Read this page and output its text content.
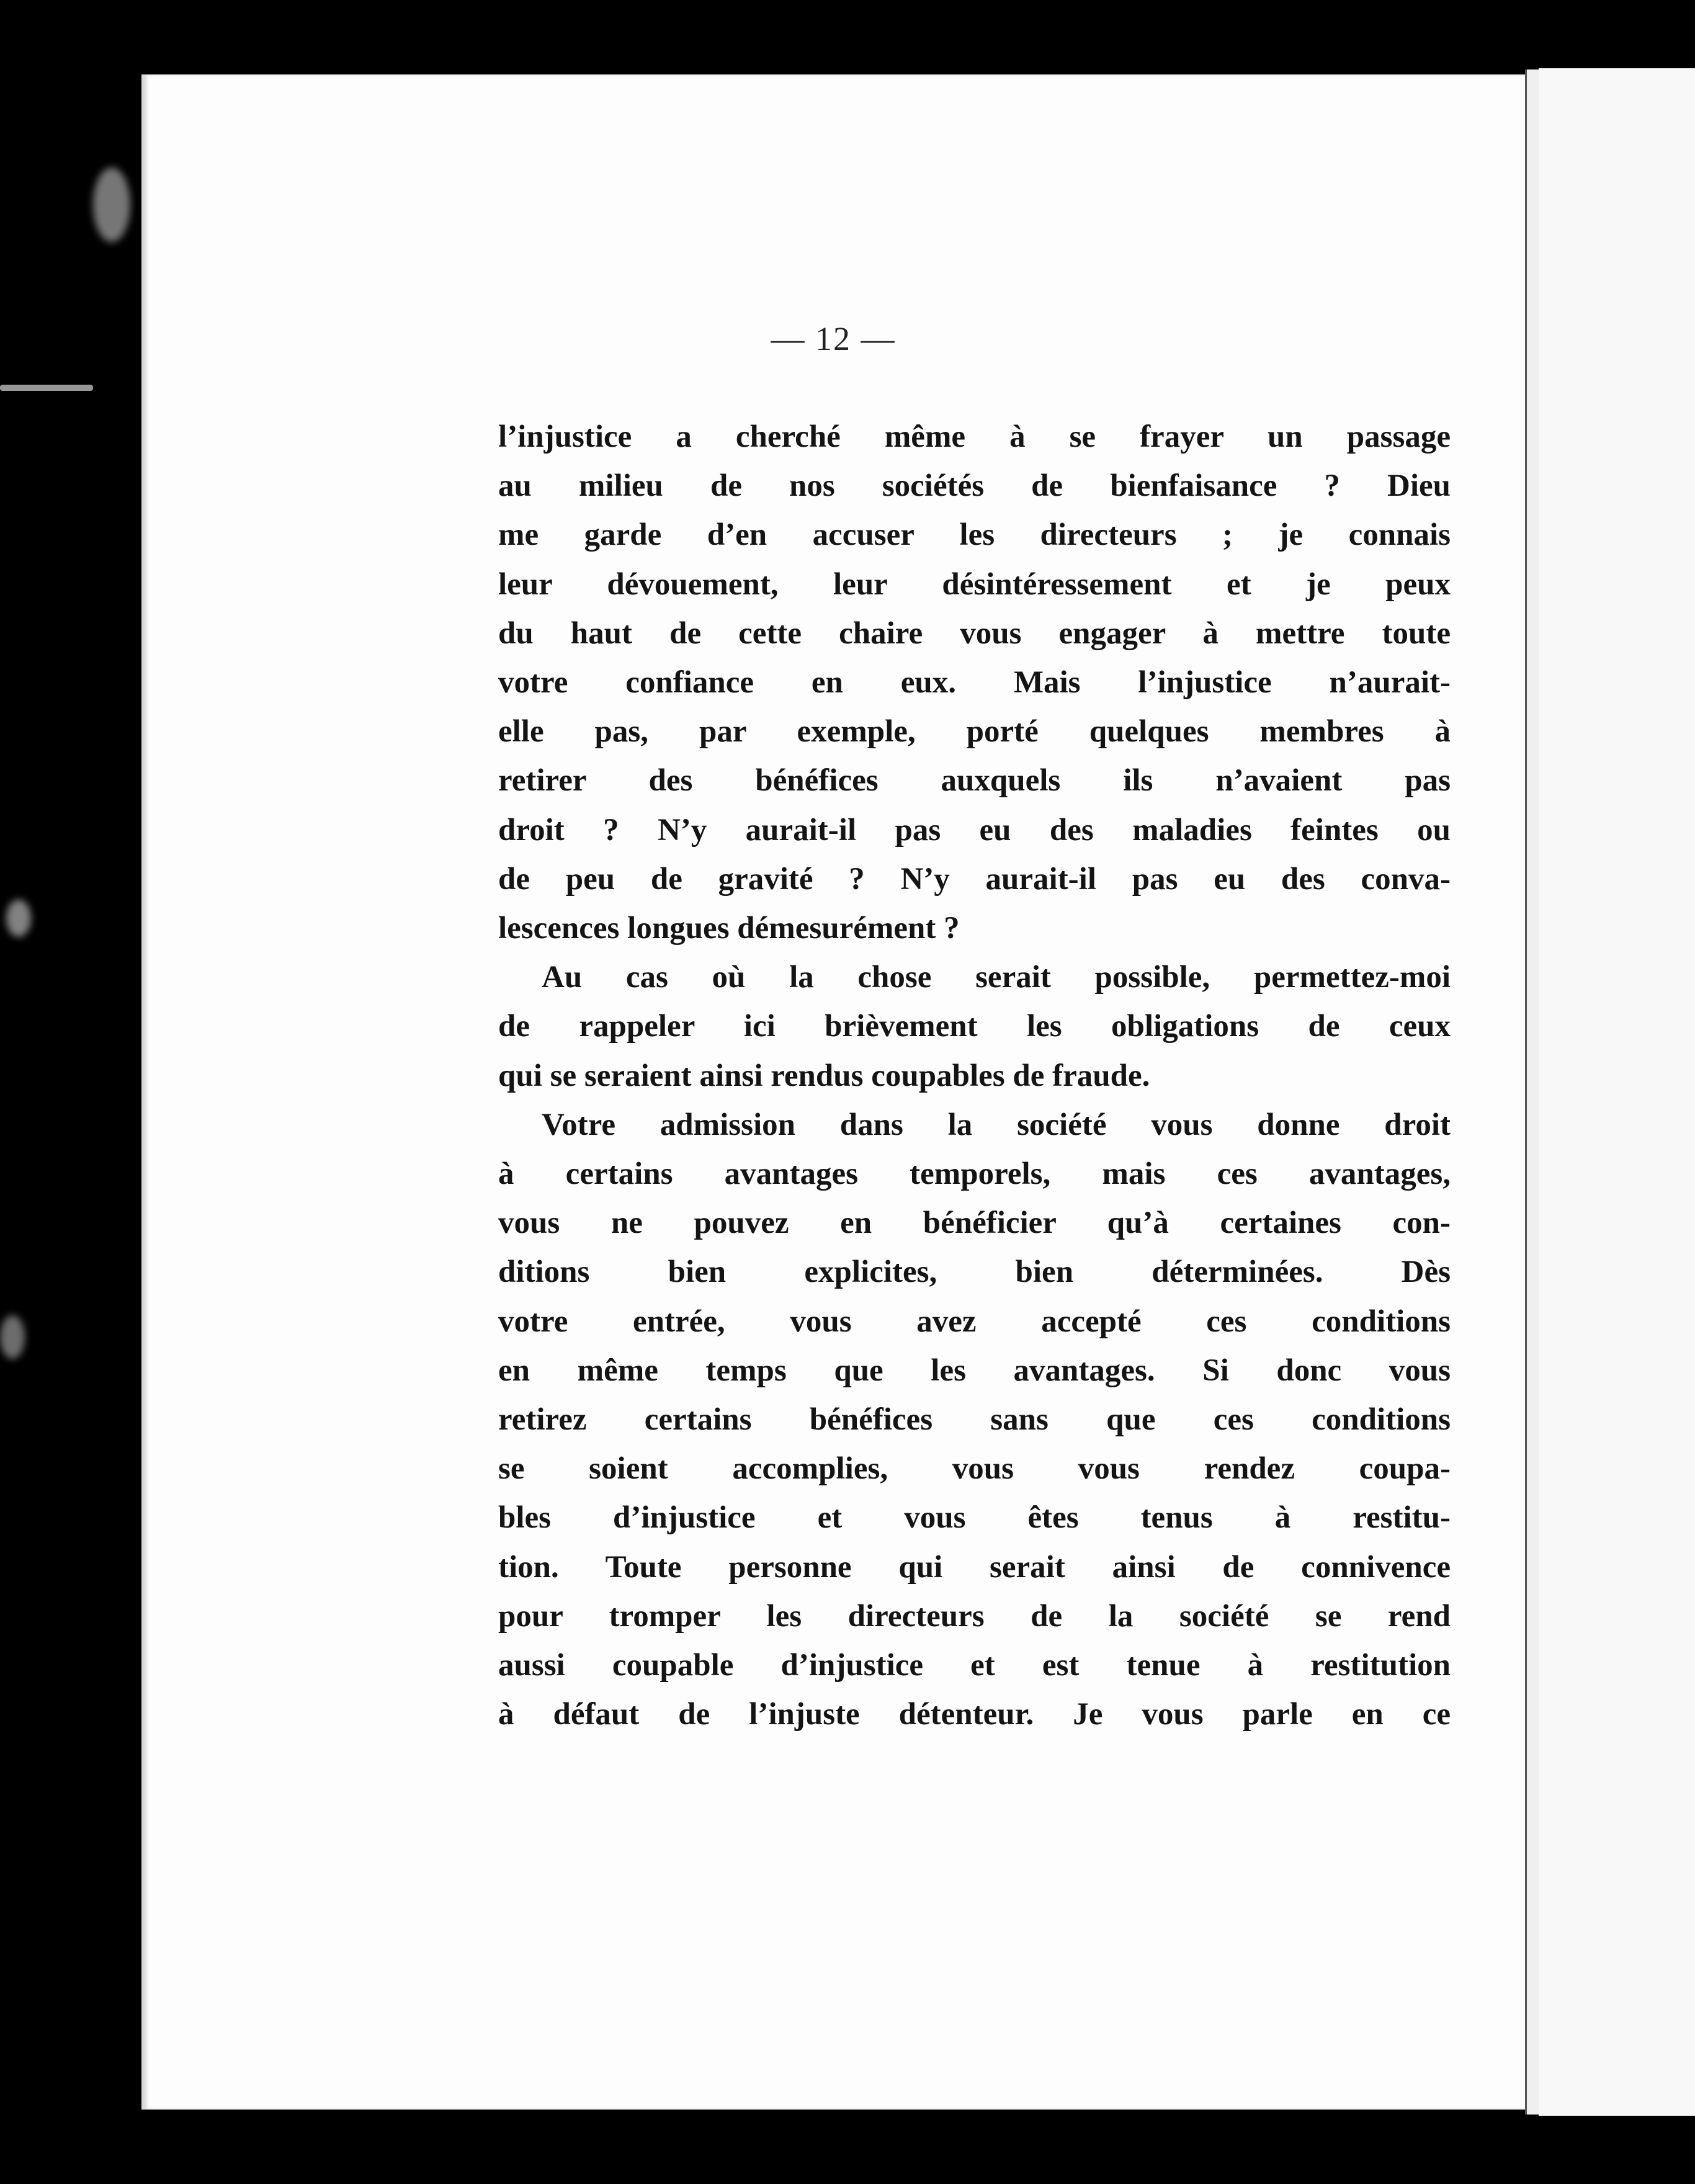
— 12 —
l’injustice a cherché même à se frayer un passage
au milieu de nos sociétés de bienfaisance ? Dieu
me garde d’en accuser les directeurs ; je connais
leur dévouement, leur désintéressement et je peux
du haut de cette chaire vous engager à mettre toute
votre confiance en eux. Mais l’injustice n’aurait-
elle pas, par exemple, porté quelques membres à
retirer des bénéfices auxquels ils n’avaient pas
droit ? N’y aurait-il pas eu des maladies feintes ou
de peu de gravité ? N’y aurait-il pas eu des conva-
lescences longues démesurément ?
Au cas où la chose serait possible, permettez-moi
de rappeler ici brièvement les obligations de ceux
qui se seraient ainsi rendus coupables de fraude.
Votre admission dans la société vous donne droit
à certains avantages temporels, mais ces avantages,
vous ne pouvez en bénéficier qu’à certaines con-
ditions bien explicites, bien déterminées. Dès
votre entrée, vous avez accepté ces conditions
en même temps que les avantages. Si donc vous
retirez certains bénéfices sans que ces conditions
se soient accomplies, vous vous rendez coupa-
bles d’injustice et vous êtes tenus à restitu-
tion. Toute personne qui serait ainsi de connivence
pour tromper les directeurs de la société se rend
aussi coupable d’injustice et est tenue à restitution
à défaut de l’injuste détenteur. Je vous parle en ce
